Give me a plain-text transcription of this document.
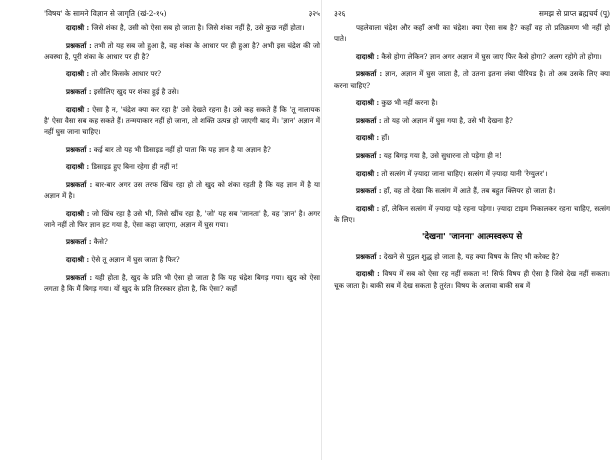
'विषय' के सामने विज्ञान से जागृति (खं-2-१५)	३२५

दादाश्री : जिसे शंका है, उसी को ऐसा सब हो जाता है। जिसे शंका नहीं है, उसे कुछ नहीं होता।

प्रश्नकर्ता : तभी तो यह सब जो हुआ है, वह शंका के आधार पर ही हुआ है? अभी इस चंद्रेश की जो अवस्था है, पूरी शंका के आधार पर ही है?

दादाश्री : तो और किसके आधार पर?

प्रश्नकर्ता : इसीलिए खुद पर शंका हुई है उसे।

दादाश्री : ऐसा है न, 'चंद्रेश क्या कर रहा है' उसे देखते रहना है। उसे कह सकते हैं कि 'तू नालायक है' ऐसा वैसा सब कह सकते हैं। तन्मयाकार नहीं हो जाना, तो शक्ति उत्पन्न हो जाएगी बाद में। 'ज्ञान' अज्ञान में नहीं घुस जाना चाहिए।

प्रश्नकर्ता : कई बार तो यह भी डिसाइड नहीं हो पाता कि यह ज्ञान है या अज्ञान है?

दादाश्री : डिसाइड हुए बिना रहेगा ही नहीं न!

प्रश्नकर्ता : बार-बार अगर उस तरफ खिंच रहा हो तो खुद को शंका रहती है कि यह ज्ञान में है या अज्ञान में है।

दादाश्री : जो खिंच रहा है उसे भी, जिसे खींच रहा है, 'जो' यह सब 'जानता' है, वह 'ज्ञान' है। अगर जाने नहीं तो फिर ज्ञान हट गया है, ऐसा कहा जाएगा, अज्ञान में घुस गया।

प्रश्नकर्ता : कैसे?

दादाश्री : ऐसे तू अज्ञान में घुस जाता है फिर?

प्रश्नकर्ता : यही होता है, खुद के प्रति भी ऐसा हो जाता है कि यह चंद्रेश बिगड़ गया। खुद को ऐसा लगता है कि मैं बिगड़ गया। यों खुद के प्रति तिरस्कार होता है, कि ऐसा? कहाँ

३२६	समझ से प्राप्त ब्रह्मचर्य (पू)

पहलेवाला चंद्रेश और कहाँ अभी का चंद्रेश। क्या ऐसा सब है? कहाँ वह तो प्रतिक्रमण भी नहीं हो पाते।

दादाश्री : कैसे होगा लेकिन? ज्ञान अगर अज्ञान में घुस जाए फिर कैसे होगा? अलग रहोगे तो होगा।

प्रश्नकर्ता : ज्ञान, अज्ञान में घुस जाता है, तो उतना इतना लंबा पीरियड है। तो अब उसके लिए क्या करना चाहिए?

दादाश्री : कुछ भी नहीं करना है।

प्रश्नकर्ता : तो यह जो अज्ञान में घुस गया है, उसे भी देखना है?

दादाश्री : हाँ।

प्रश्नकर्ता : यह बिगड़ गया है, उसे सुधारना तो पड़ेगा ही न!

दादाश्री : तो सत्संग में ज़्यादा जाना चाहिए। सत्संग में ज़्यादा यानी 'रेग्युलर'।

प्रश्नकर्ता : हाँ, वह तो देखा कि सत्संग में आते हैं, तब बहुत क्लियर हो जाता है।

दादाश्री : हाँ, लेकिन सत्संग में ज़्यादा पड़े रहना पड़ेगा। ज़्यादा टाइम निकालकर रहना चाहिए, सत्संग के लिए।

'देखना' 'जानना' आत्मस्वरूप से

प्रश्नकर्ता : देखने से पुद्गल शुद्ध हो जाता है, यह क्या विषय के लिए भी करेक्ट है?

दादाश्री : विषय में सब को ऐसा रह नहीं सकता न! सिर्फ विषय ही ऐसा है जिसे देख नहीं सकता। चूक जाता है। बाकी सब में देख सकता है तुरंत। विषय के अलावा बाकी सब में
